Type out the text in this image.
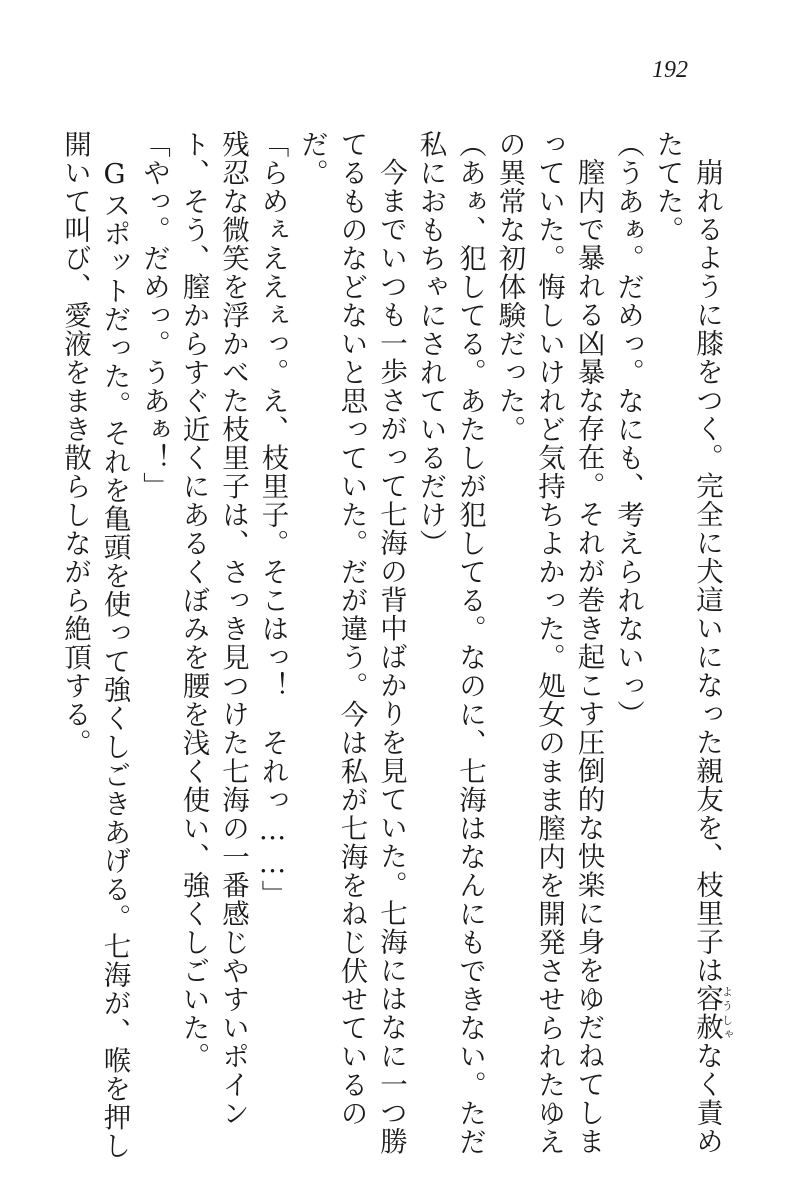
192

崩れるように膝をつく。完全に犬這いになった親友を、枝里子は容赦ようしゃなく責めたてた。

（うあぁ。だめっ。なにも、考えられないっ）

膣内で暴れる凶暴な存在。それが巻き起こす圧倒的な快楽に身をゆだねてしまっていた。悔しいけれど気持ちよかった。処女のまま膣内を開発させられたゆえの異常な初体験だった。

（あぁ、犯してる。あたしが犯してる。なのに、七海はなんにもできない。ただ私におもちゃにされているだけ）

今までいつも一歩さがって七海の背中ばかりを見ていた。七海にはなに一つ勝てるものなどないと思っていた。だが違う。今は私が七海をねじ伏せているのだ。

「らめぇええぇっ。え、枝里子。そこはっ！　それっ……」

残忍な微笑を浮かべた枝里子は、さっき見つけた七海の一番感じやすいポイント、そう、膣からすぐ近くにあるくぼみを腰を浅く使い、強くしごいた。

「やっ。だめっ。うあぁ！」

Gスポットだった。それを亀頭を使って強くしごきあげる。七海が、喉を押し開いて叫び、愛液をまき散らしながら絶頂する。
